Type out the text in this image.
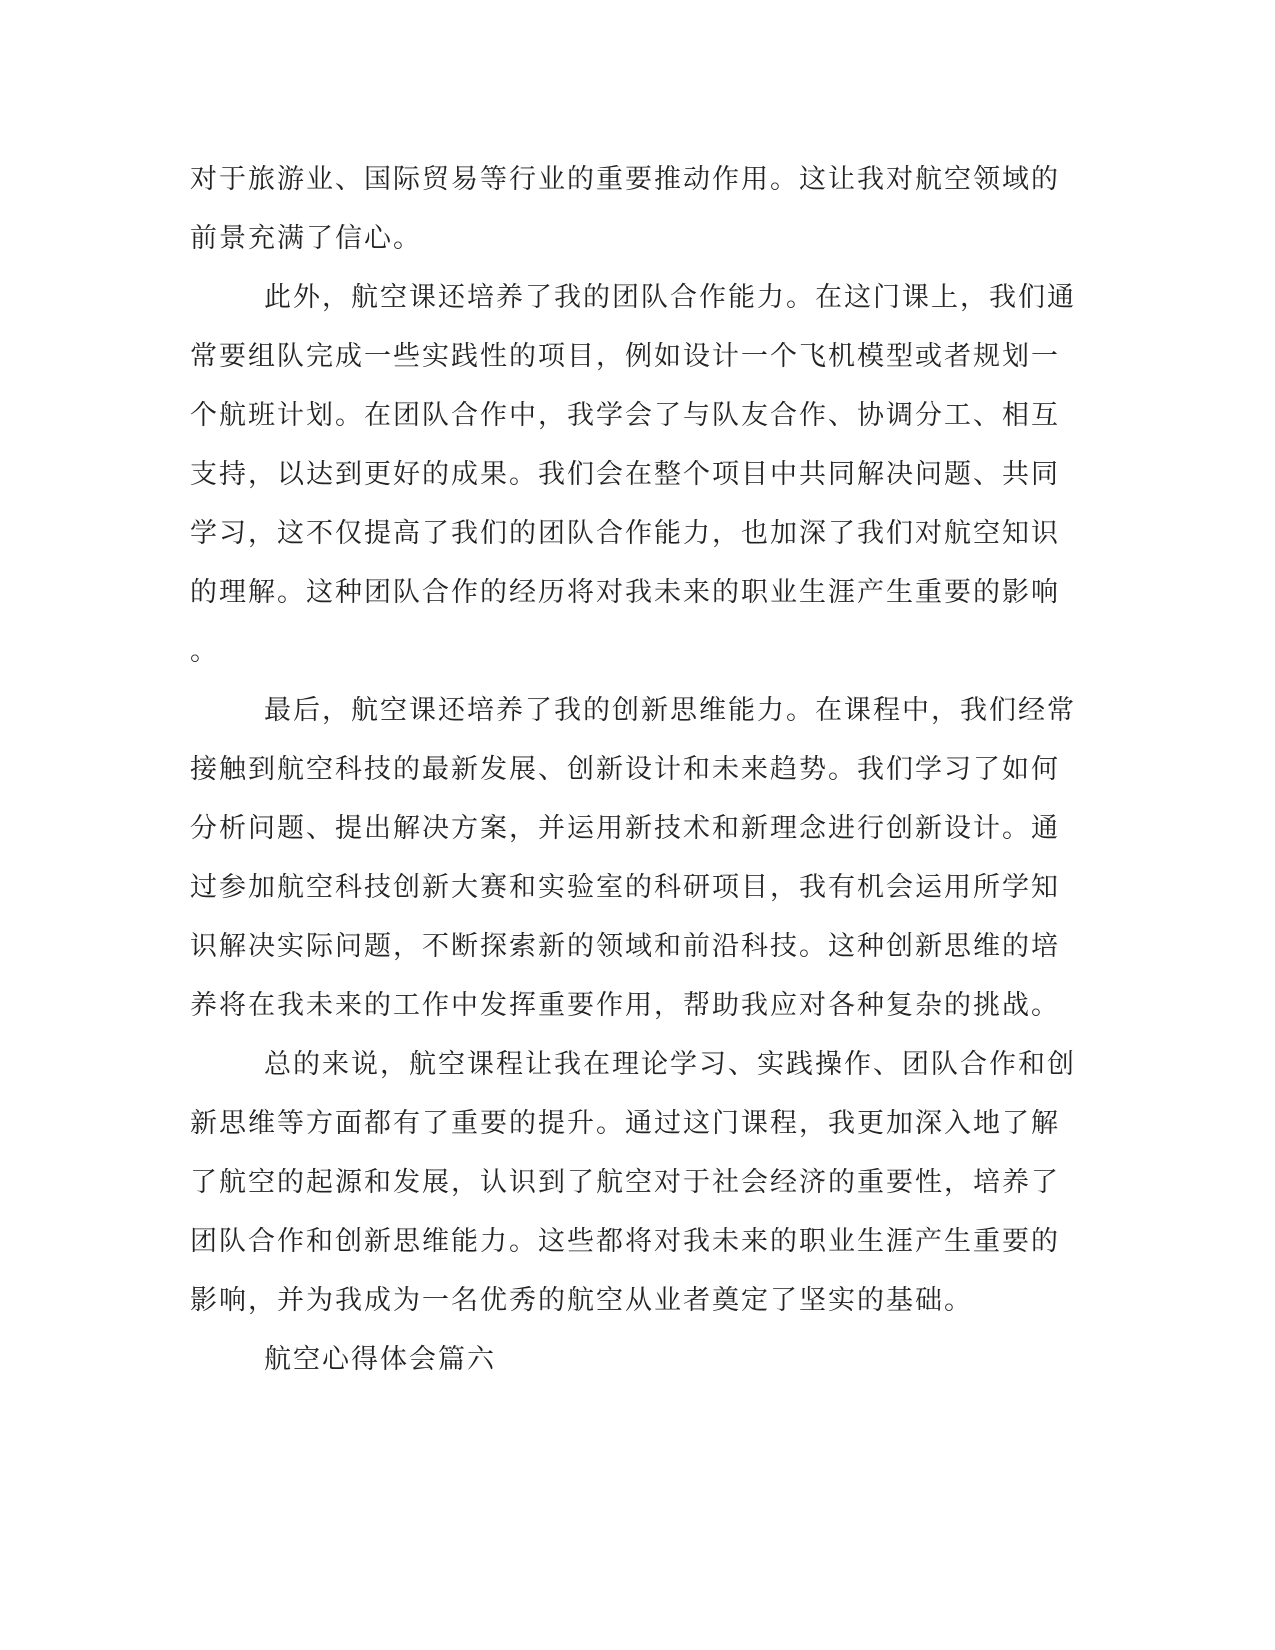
对于旅游业、国际贸易等行业的重要推动作用。这让我对航空领域的
前景充满了信心。
此外，航空课还培养了我的团队合作能力。在这门课上，我们通
常要组队完成一些实践性的项目，例如设计一个飞机模型或者规划一
个航班计划。在团队合作中，我学会了与队友合作、协调分工、相互
支持，以达到更好的成果。我们会在整个项目中共同解决问题、共同
学习，这不仅提高了我们的团队合作能力，也加深了我们对航空知识
的理解。这种团队合作的经历将对我未来的职业生涯产生重要的影响
。
最后，航空课还培养了我的创新思维能力。在课程中，我们经常
接触到航空科技的最新发展、创新设计和未来趋势。我们学习了如何
分析问题、提出解决方案，并运用新技术和新理念进行创新设计。通
过参加航空科技创新大赛和实验室的科研项目，我有机会运用所学知
识解决实际问题，不断探索新的领域和前沿科技。这种创新思维的培
养将在我未来的工作中发挥重要作用，帮助我应对各种复杂的挑战。
总的来说，航空课程让我在理论学习、实践操作、团队合作和创
新思维等方面都有了重要的提升。通过这门课程，我更加深入地了解
了航空的起源和发展，认识到了航空对于社会经济的重要性，培养了
团队合作和创新思维能力。这些都将对我未来的职业生涯产生重要的
影响，并为我成为一名优秀的航空从业者奠定了坚实的基础。
航空心得体会篇六
